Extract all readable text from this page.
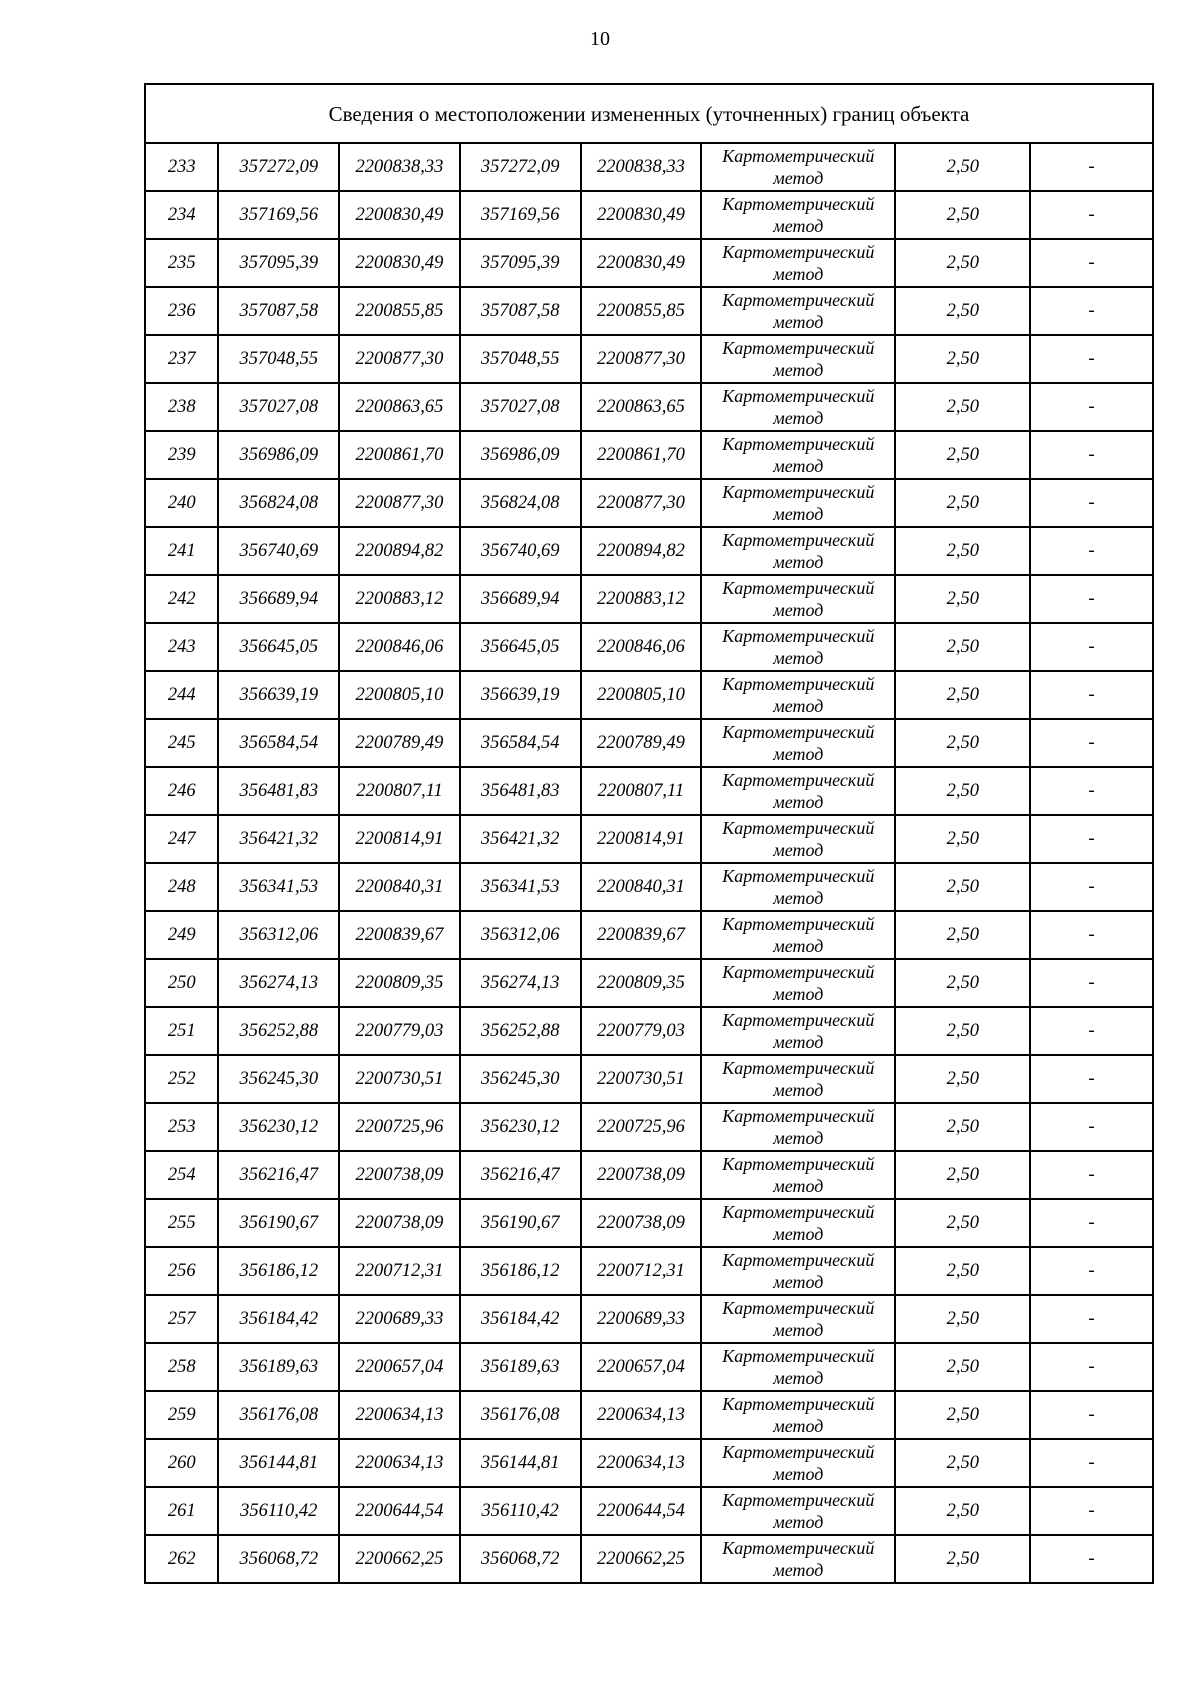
10
Сведения о местоположении измененных (уточненных) границ объекта							
233	357272,09	2200838,33	357272,09	2200838,33	Картометрический метод	2,50	-
234	357169,56	2200830,49	357169,56	2200830,49	Картометрический метод	2,50	-
235	357095,39	2200830,49	357095,39	2200830,49	Картометрический метод	2,50	-
236	357087,58	2200855,85	357087,58	2200855,85	Картометрический метод	2,50	-
237	357048,55	2200877,30	357048,55	2200877,30	Картометрический метод	2,50	-
238	357027,08	2200863,65	357027,08	2200863,65	Картометрический метод	2,50	-
239	356986,09	2200861,70	356986,09	2200861,70	Картометрический метод	2,50	-
240	356824,08	2200877,30	356824,08	2200877,30	Картометрический метод	2,50	-
241	356740,69	2200894,82	356740,69	2200894,82	Картометрический метод	2,50	-
242	356689,94	2200883,12	356689,94	2200883,12	Картометрический метод	2,50	-
243	356645,05	2200846,06	356645,05	2200846,06	Картометрический метод	2,50	-
244	356639,19	2200805,10	356639,19	2200805,10	Картометрический метод	2,50	-
245	356584,54	2200789,49	356584,54	2200789,49	Картометрический метод	2,50	-
246	356481,83	2200807,11	356481,83	2200807,11	Картометрический метод	2,50	-
247	356421,32	2200814,91	356421,32	2200814,91	Картометрический метод	2,50	-
248	356341,53	2200840,31	356341,53	2200840,31	Картометрический метод	2,50	-
249	356312,06	2200839,67	356312,06	2200839,67	Картометрический метод	2,50	-
250	356274,13	2200809,35	356274,13	2200809,35	Картометрический метод	2,50	-
251	356252,88	2200779,03	356252,88	2200779,03	Картометрический метод	2,50	-
252	356245,30	2200730,51	356245,30	2200730,51	Картометрический метод	2,50	-
253	356230,12	2200725,96	356230,12	2200725,96	Картометрический метод	2,50	-
254	356216,47	2200738,09	356216,47	2200738,09	Картометрический метод	2,50	-
255	356190,67	2200738,09	356190,67	2200738,09	Картометрический метод	2,50	-
256	356186,12	2200712,31	356186,12	2200712,31	Картометрический метод	2,50	-
257	356184,42	2200689,33	356184,42	2200689,33	Картометрический метод	2,50	-
258	356189,63	2200657,04	356189,63	2200657,04	Картометрический метод	2,50	-
259	356176,08	2200634,13	356176,08	2200634,13	Картометрический метод	2,50	-
260	356144,81	2200634,13	356144,81	2200634,13	Картометрический метод	2,50	-
261	356110,42	2200644,54	356110,42	2200644,54	Картометрический метод	2,50	-
262	356068,72	2200662,25	356068,72	2200662,25	Картометрический метод	2,50	-
